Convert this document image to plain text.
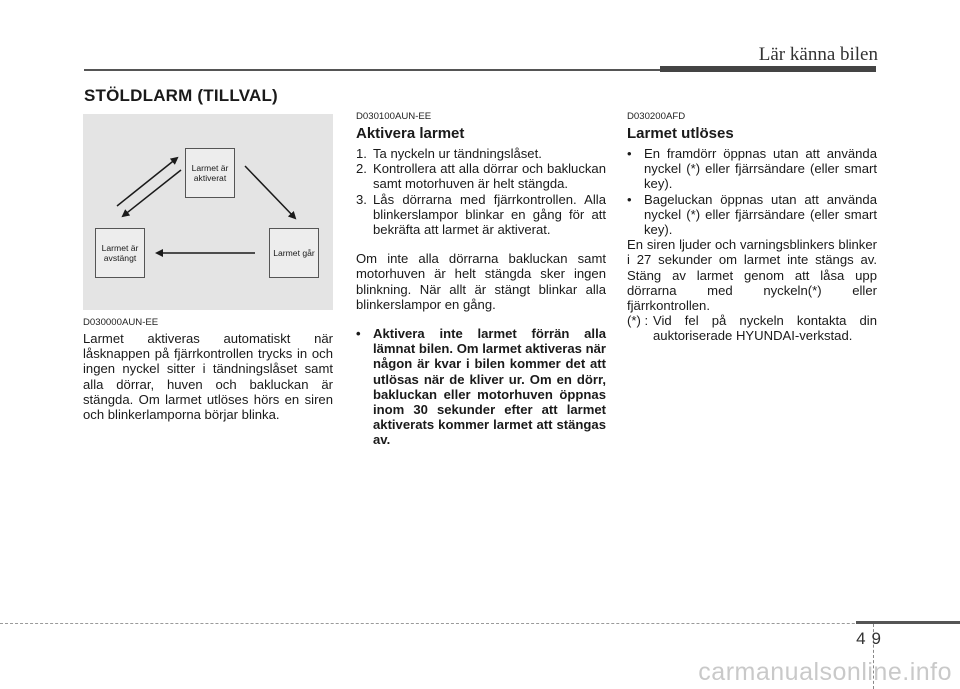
Lär känna bilen
STÖLDLARM (TILLVAL)
Larmet är aktiverat
Larmet är avstängt	Larmet går
D030000AUN-EE

Larmet aktiveras automatiskt när låsknappen på fjärrkontrollen trycks in och ingen nyckel sitter i tändningslåset samt alla dörrar, huven och bakluckan är stängda. Om larmet utlöses hörs en siren och blinkerlamporna börjar blinka.

D030100AUN-EE
Aktivera larmet
1. Ta nyckeln ur tändningslåset.
2. Kontrollera att alla dörrar och bakluckan samt motorhuven är helt stängda.
3. Lås dörrarna med fjärrkontrollen. Alla blinkerslampor blinkar en gång för att bekräfta att larmet är aktiverat.

Om inte alla dörrarna bakluckan samt motorhuven är helt stängda sker ingen blinkning. När allt är stängt blinkar alla blinkerslampor en gång.

• Aktivera inte larmet förrän alla lämnat bilen. Om larmet aktiveras när någon är kvar i bilen kommer det att utlösas när de kliver ur. Om en dörr, bakluckan eller motorhuven öppnas inom 30 sekunder efter att larmet aktiverats kommer larmet att stängas av.
D030200AFD
Larmet utlöses
• En framdörr öppnas utan att använda nyckel (*) eller fjärrsändare (eller smart key).
• Bageluckan öppnas utan att använda nyckel (*) eller fjärrsändare (eller smart key).

En siren ljuder och varningsblinkers blinker i 27 sekunder om larmet inte stängs av. Stäng av larmet genom att låsa upp dörrarna med nyckeln(*) eller fjärrkontrollen.

(*) : Vid fel på nyckeln kontakta din auktoriserade HYUNDAI-verkstad.
49
carmanualsonline.info
